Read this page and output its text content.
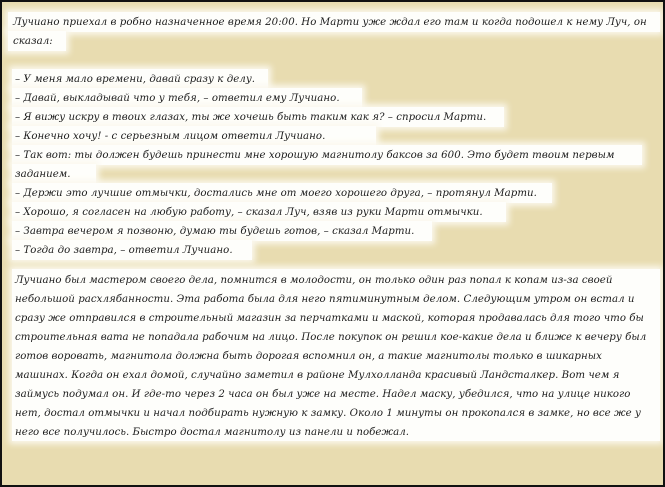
Лучиано приехал в робно назначенное время 20:00. Но Марти уже ждал его там и когда подошел к нему Луч, он
сказал:
– У меня мало времени, давай сразу к делу.
– Давай, выкладывай что у тебя, – ответил ему Лучиано.
– Я вижу искру в твоих глазах, ты же хочешь быть таким как я? – спросил Марти.
– Конечно хочу! - с серьезным лицом ответил Лучиано.
– Так вот: ты должен будешь принести мне хорошую магнитолу баксов за 600. Это будет твоим первым
заданием.
– Держи это лучшие отмычки, достались мне от моего хорошего друга, – протянул Марти.
– Хорошо, я согласен на любую работу, – сказал Луч, взяв из руки Марти отмычки.
– Завтра вечером я позвоню, думаю ты будешь готов, – сказал Марти.
– Тогда до завтра, – ответил Лучиано.
Лучиано был мастером своего дела, помнится в молодости, он только один раз попал к копам из-за своей
небольшой расхлябанности. Эта работа была для него пятиминутным делом. Следующим утром он встал и
сразу же отправился в строительный магазин за перчатками и маской, которая продавалась для того что бы
строительная вата не попадала рабочим на лицо. После покупок он решил кое-какие дела и ближе к вечеру был
готов воровать, магнитола должна быть дорогая вспомнил он, а такие магнитолы только в шикарных
машинах. Когда он ехал домой, случайно заметил в районе Мулхолланда красивый Ландсталкер. Вот чем я
займусь подумал он. И где-то через 2 часа он был уже на месте. Надел маску, убедился, что на улице никого
нет, достал отмычки и начал подбирать нужную к замку. Около 1 минуты он прокопался в замке, но все же у
него все получилось. Быстро достал магнитолу из панели и побежал.
